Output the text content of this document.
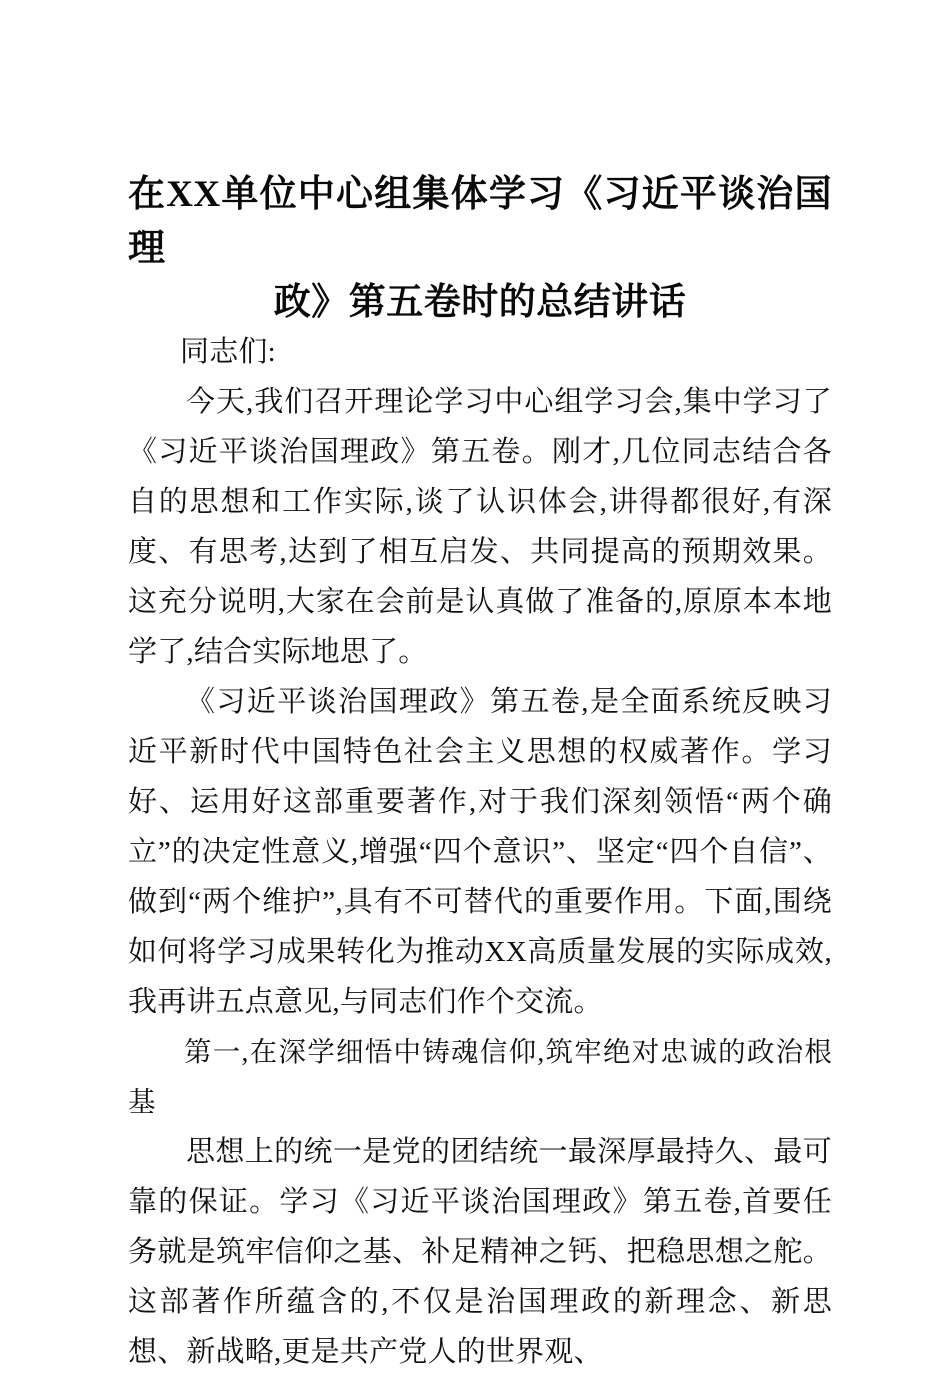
在XX单位中心组集体学习《习近平谈治国理
政》第五卷时的总结讲话

同志们:

今天,我们召开理论学习中心组学习会,集中学习了《习近平谈治国理政》第五卷。刚才,几位同志结合各自的思想和工作实际,谈了认识体会,讲得都很好,有深度、有思考,达到了相互启发、共同提高的预期效果。这充分说明,大家在会前是认真做了准备的,原原本本地学了,结合实际地思了。

《习近平谈治国理政》第五卷,是全面系统反映习近平新时代中国特色社会主义思想的权威著作。学习好、运用好这部重要著作,对于我们深刻领悟“两个确立”的决定性意义,增强“四个意识”、坚定“四个自信”、做到“两个维护”,具有不可替代的重要作用。下面,围绕如何将学习成果转化为推动XX高质量发展的实际成效,我再讲五点意见,与同志们作个交流。

第一,在深学细悟中铸魂信仰,筑牢绝对忠诚的政治根基

思想上的统一是党的团结统一最深厚最持久、最可靠的保证。学习《习近平谈治国理政》第五卷,首要任务就是筑牢信仰之基、补足精神之钙、把稳思想之舵。这部著作所蕴含的,不仅是治国理政的新理念、新思想、新战略,更是共产党人的世界观、
